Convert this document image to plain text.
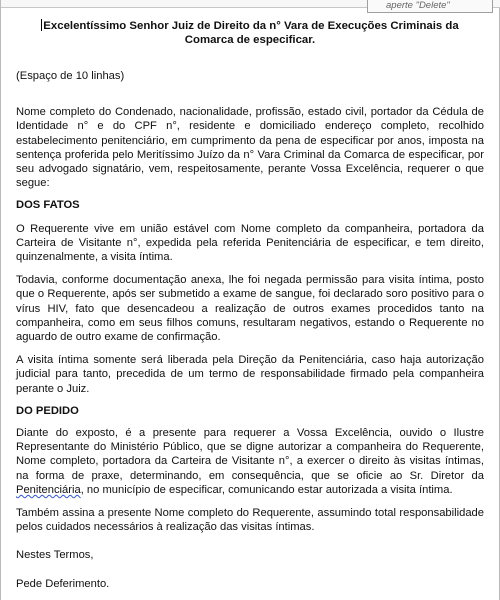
aperte "Delete"

Excelentíssimo Senhor Juiz de Direito da n° Vara de Execuções Criminais da Comarca de especificar.

(Espaço de 10 linhas)

Nome completo do Condenado, nacionalidade, profissão, estado civil, portador da Cédula de Identidade n° e do CPF n°, residente e domiciliado endereço completo, recolhido estabelecimento penitenciário, em cumprimento da pena de especificar por anos, imposta na sentença proferida pelo Meritíssimo Juízo da n° Vara Criminal da Comarca de especificar, por seu advogado signatário, vem, respeitosamente, perante Vossa Excelência, requerer o que segue:

DOS FATOS

O Requerente vive em união estável com Nome completo da companheira, portadora da Carteira de Visitante n°, expedida pela referida Penitenciária de especificar, e tem direito, quinzenalmente, a visita íntima.

Todavia, conforme documentação anexa, lhe foi negada permissão para visita íntima, posto que o Requerente, após ser submetido a exame de sangue, foi declarado soro positivo para o vírus HIV, fato que desencadeou a realização de outros exames procedidos tanto na companheira, como em seus filhos comuns, resultaram negativos, estando o Requerente no aguardo de outro exame de confirmação.

A visita íntima somente será liberada pela Direção da Penitenciária, caso haja autorização judicial para tanto, precedida de um termo de responsabilidade firmado pela companheira perante o Juiz.

DO PEDIDO

Diante do exposto, é a presente para requerer a Vossa Excelência, ouvido o Ilustre Representante do Ministério Público, que se digne autorizar a companheira do Requerente, Nome completo, portadora da Carteira de Visitante n°, a exercer o direito às visitas íntimas, na forma de praxe, determinando, em consequência, que se oficie ao Sr. Diretor da Penitenciária, no município de especificar, comunicando estar autorizada a visita íntima.

Também assina a presente Nome completo do Requerente, assumindo total responsabilidade pelos cuidados necessários à realização das visitas íntimas.

Nestes Termos,

Pede Deferimento.
